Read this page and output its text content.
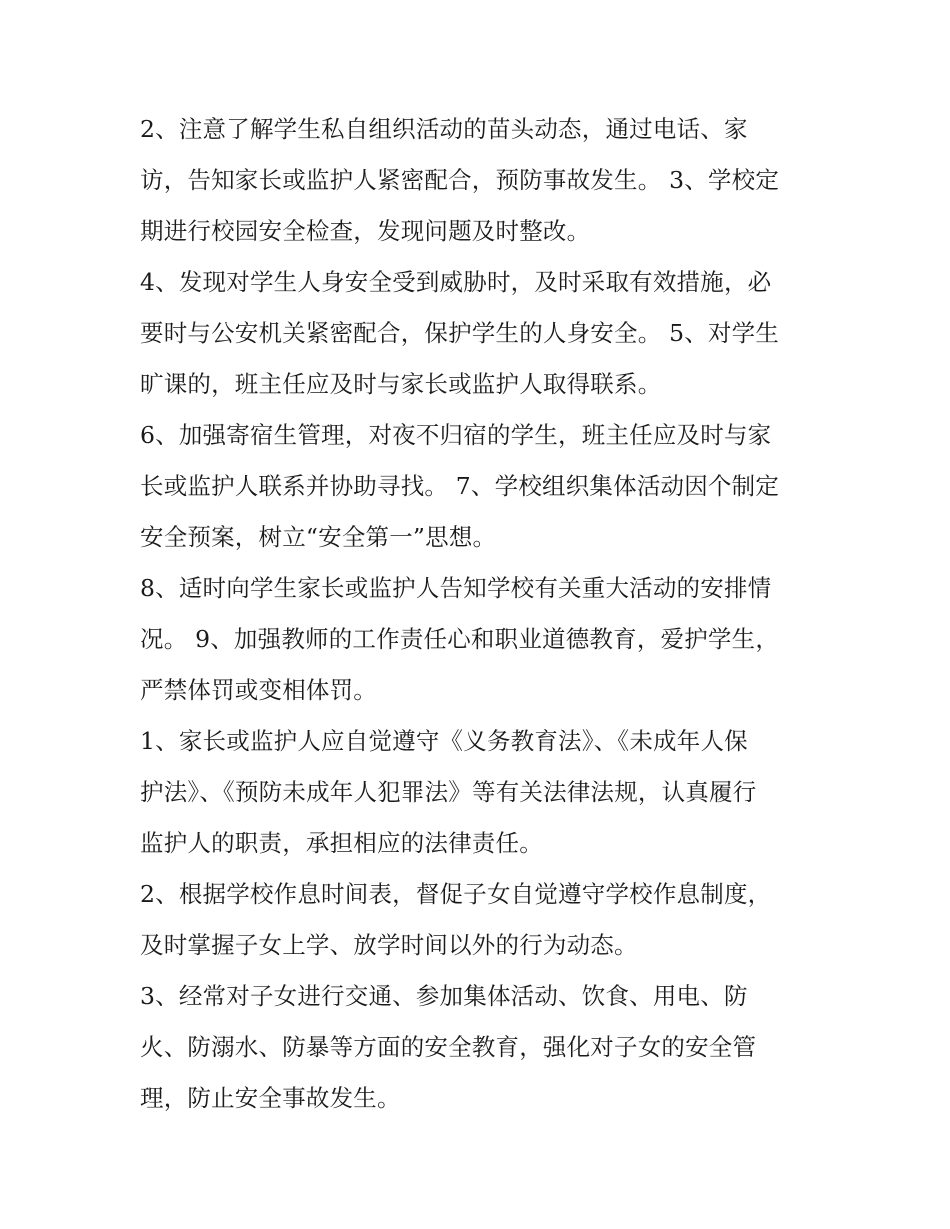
2、注意了解学生私自组织活动的苗头动态，通过电话、家
访，告知家长或监护人紧密配合，预防事故发生。 3、学校定
期进行校园安全检查，发现问题及时整改。

4、发现对学生人身安全受到威胁时，及时采取有效措施，必
要时与公安机关紧密配合，保护学生的人身安全。 5、对学生
旷课的，班主任应及时与家长或监护人取得联系。

6、加强寄宿生管理，对夜不归宿的学生，班主任应及时与家
长或监护人联系并协助寻找。 7、学校组织集体活动因个制定
安全预案，树立“安全第一”思想。

8、适时向学生家长或监护人告知学校有关重大活动的安排情
况。 9、加强教师的工作责任心和职业道德教育，爱护学生，
严禁体罚或变相体罚。

1、家长或监护人应自觉遵守《义务教育法》、《未成年人保
护法》、《预防未成年人犯罪法》等有关法律法规，认真履行
监护人的职责，承担相应的法律责任。

2、根据学校作息时间表，督促子女自觉遵守学校作息制度，
及时掌握子女上学、放学时间以外的行为动态。

3、经常对子女进行交通、参加集体活动、饮食、用电、防
火、防溺水、防暴等方面的安全教育，强化对子女的安全管
理，防止安全事故发生。
